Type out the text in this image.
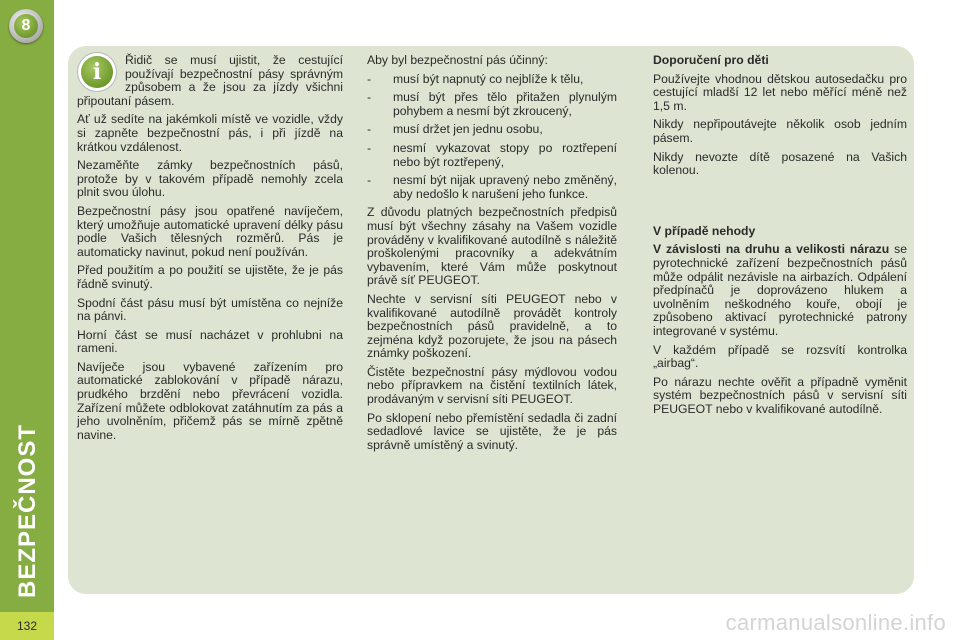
8
BEZPEČNOST
132
i	Řidič se musí ujistit, že cestující používají bezpečnostní pásy správným způsobem a že jsou za jízdy všichni připoutaní pásem.

Ať už sedíte na jakémkoli místě ve vozidle, vždy si zapněte bezpečnostní pás, i při jízdě na krátkou vzdálenost.

Nezaměňte zámky bezpečnostních pásů, protože by v takovém případě nemohly zcela plnit svou úlohu.

Bezpečnostní pásy jsou opatřené navíječem, který umožňuje automatické upravení délky pásu podle Vašich tělesných rozměrů. Pás je automaticky navinut, pokud není používán.

Před použitím a po použití se ujistěte, že je pás řádně svinutý.

Spodní část pásu musí být umístěna co nejníže na pánvi.

Horní část se musí nacházet v prohlubni na rameni.

Navíječe jsou vybavené zařízením pro automatické zablokování v případě nárazu, prudkého brzdění nebo převrácení vozidla. Zařízení můžete odblokovat zatáhnutím za pás a jeho uvolněním, přičemž pás se mírně zpětně navine.

Aby byl bezpečnostní pás účinný:

- musí být napnutý co nejblíže k tělu,
- musí být přes tělo přitažen plynulým pohybem a nesmí být zkroucený,
- musí držet jen jednu osobu,
- nesmí vykazovat stopy po roztřepení nebo být roztřepený,
- nesmí být nijak upravený nebo změněný, aby nedošlo k narušení jeho funkce.

Z důvodu platných bezpečnostních předpisů musí být všechny zásahy na Vašem vozidle prováděny v kvalifikované autodílně s náležitě proškolenými pracovníky a adekvátním vybavením, které Vám může poskytnout právě síť PEUGEOT.

Nechte v servisní síti PEUGEOT nebo v kvalifikované autodílně provádět kontroly bezpečnostních pásů pravidelně, a to zejména když pozorujete, že jsou na pásech známky poškození.

Čistěte bezpečnostní pásy mýdlovou vodou nebo přípravkem na čistění textilních látek, prodávaným v servisní síti PEUGEOT.

Po sklopení nebo přemístění sedadla či zadní sedadlové lavice se ujistěte, že je pás správně umístěný a svinutý.

Doporučení pro děti

Používejte vhodnou dětskou autosedačku pro cestující mladší 12 let nebo měřící méně než 1,5 m.

Nikdy nepřipoutávejte několik osob jedním pásem.

Nikdy nevozte dítě posazené na Vašich kolenou.

V případě nehody

V závislosti na druhu a velikosti nárazu se pyrotechnické zařízení bezpečnostních pásů může odpálit nezávisle na airbazích. Odpálení předpínačů je doprovázeno hlukem a uvolněním neškodného kouře, obojí je způsobeno aktivací pyrotechnické patrony integrované v systému.

V každém případě se rozsvítí kontrolka „airbag“.

Po nárazu nechte ověřit a případně vyměnit systém bezpečnostních pásů v servisní síti PEUGEOT nebo v kvalifikované autodílně.

carmanualsonline.info
